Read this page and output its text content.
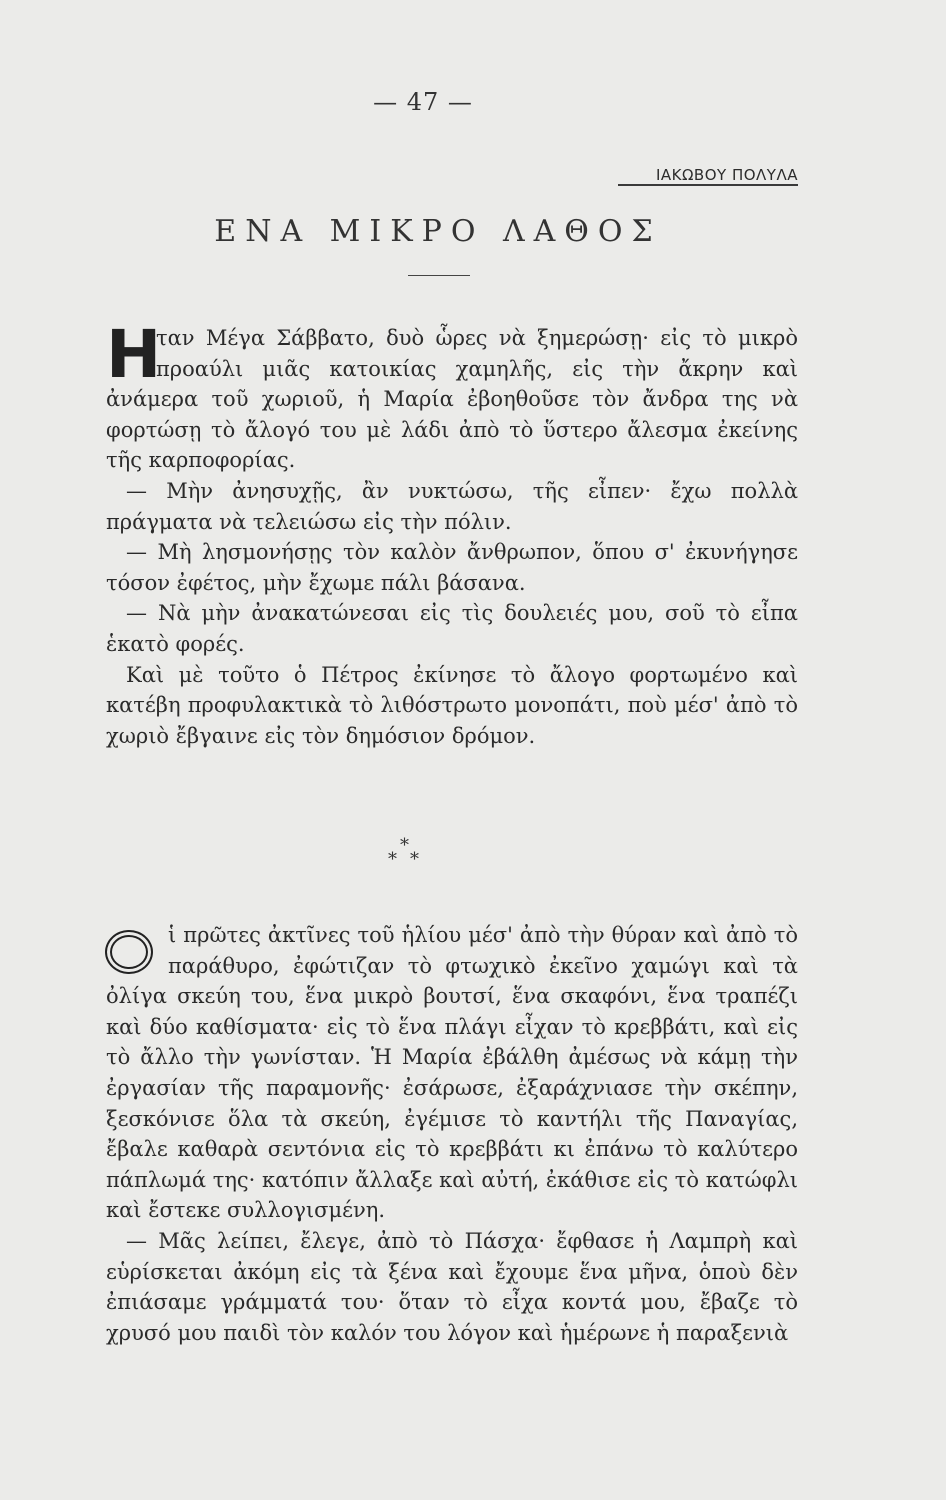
— 47 —
ΙΑΚΩΒΟΥ ΠΟΛΥΛΑ
ΕΝΑ ΜΙΚΡΟ ΛΑΘΟΣ

Η
ταν Μέγα Σάββατο, δυὸ ὧρες νὰ ξημερώσῃ· εἰς τὸ μικρὸ προαύλι μιᾶς κατοικίας χαμηλῆς, εἰς τὴν ἄκρην καὶ ἀνάμερα τοῦ χωριοῦ, ἡ Μαρία ἐβοηθοῦσε τὸν ἄνδρα της νὰ φορτώσῃ τὸ ἄλογό του μὲ λάδι ἀπὸ τὸ ὕστερο ἄλεσμα ἐκείνης τῆς καρποφορίας.

— Μὴν ἀνησυχῇς, ἂν νυκτώσω, τῆς εἶπεν· ἔχω πολλὰ πράγματα νὰ τελειώσω εἰς τὴν πόλιν.

— Μὴ λησμονήσῃς τὸν καλὸν ἄνθρωπον, ὅπου σ' ἐκυνήγησε τόσον ἐφέτος, μὴν ἔχωμε πάλι βάσανα.

— Νὰ μὴν ἀνακατώνεσαι εἰς τὶς δουλειές μου, σοῦ τὸ εἶπα ἑκατὸ φορές.

Καὶ μὲ τοῦτο ὁ Πέτρος ἐκίνησε τὸ ἄλογο φορτωμένο καὶ κατέβη προφυλακτικὰ τὸ λιθόστρωτο μονοπάτι, ποὺ μέσ' ἀπὸ τὸ χωριὸ ἔβγαινε εἰς τὸν δημόσιον δρόμον.

*
* *

ἱ πρῶτες ἀκτῖνες τοῦ ἡλίου μέσ' ἀπὸ τὴν θύραν καὶ ἀπὸ τὸ παράθυρο, ἐφώτιζαν τὸ φτωχικὸ ἐκεῖνο χαμώγι καὶ τὰ ὀλίγα σκεύη του, ἕνα μικρὸ βουτσί, ἕνα σκαφόνι, ἕνα τραπέζι καὶ δύο καθίσματα· εἰς τὸ ἕνα πλάγι εἶχαν τὸ κρεββάτι, καὶ εἰς τὸ ἄλλο τὴν γωνίσταν. Ἡ Μαρία ἐβάλθη ἀμέσως νὰ κάμῃ τὴν ἐργασίαν τῆς παραμονῆς· ἐσάρωσε, ἐξαράχνιασε τὴν σκέπην, ξεσκόνισε ὅλα τὰ σκεύη, ἐγέμισε τὸ καντήλι τῆς Παναγίας, ἔβαλε καθαρὰ σεντόνια εἰς τὸ κρεββάτι κι ἐπάνω τὸ καλύτερο πάπλωμά της· κατόπιν ἄλλαξε καὶ αὐτή, ἐκάθισε εἰς τὸ κατώφλι καὶ ἔστεκε συλλογισμένη.

— Μᾶς λείπει, ἔλεγε, ἀπὸ τὸ Πάσχα· ἔφθασε ἡ Λαμπρὴ καὶ εὑρίσκεται ἀκόμη εἰς τὰ ξένα καὶ ἔχουμε ἕνα μῆνα, ὁποὺ δὲν ἐπιάσαμε γράμματά του· ὅταν τὸ εἶχα κοντά μου, ἔβαζε τὸ χρυσό μου παιδὶ τὸν καλόν του λόγον καὶ ἡμέρωνε ἡ παραξενιὰ
